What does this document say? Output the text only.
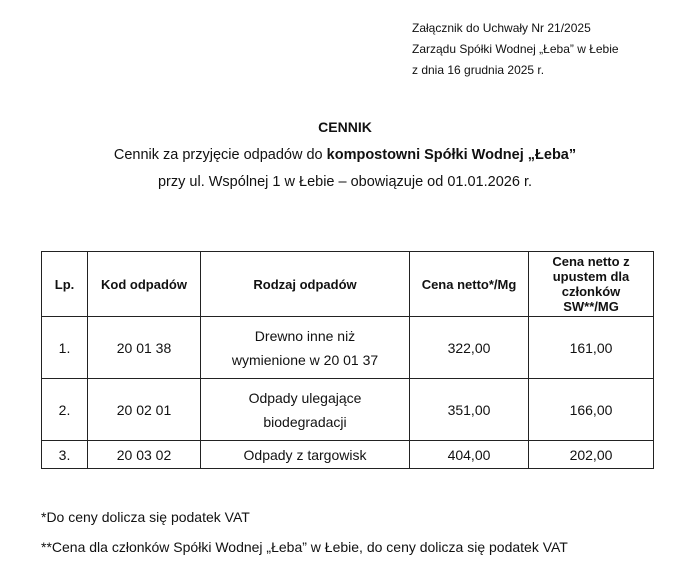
Załącznik do Uchwały Nr 21/2025
Zarządu Spółki Wodnej „Łeba” w Łebie
z dnia 16 grudnia 2025 r.
CENNIK
Cennik za przyjęcie odpadów do kompostowni Spółki Wodnej „Łeba”
przy ul. Wspólnej 1 w Łebie – obowiązuje od 01.01.2026 r.
Lp.	Kod odpadów	Rodzaj odpadów	Cena netto*/Mg	Cena netto z
upustem dla
członków
SW**/MG

1.	20 01 38	Drewno inne niż
wymienione w 20 01 37	322,00	161,00
2.	20 02 01	Odpady ulegające
biodegradacji	351,00	166,00
3.	20 03 02	Odpady z targowisk	404,00	202,00
*Do ceny dolicza się podatek VAT
**Cena dla członków Spółki Wodnej „Łeba” w Łebie, do ceny dolicza się podatek VAT
